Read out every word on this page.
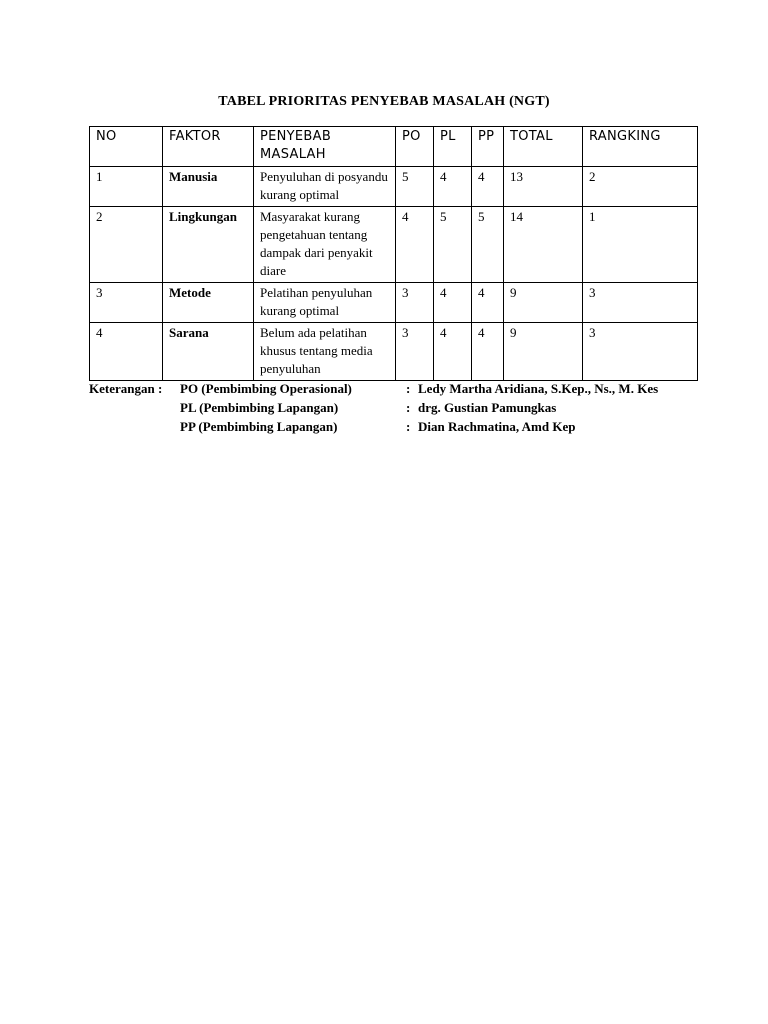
TABEL PRIORITAS PENYEBAB MASALAH (NGT)
NO	FAKTOR	PENYEBAB MASALAH	PO	PL	PP	TOTAL	RANGKING
1	Manusia	Penyuluhan di posyandu kurang optimal	5	4	4	13	2
2	Lingkungan	Masyarakat kurang pengetahuan tentang dampak dari penyakit diare	4	5	5	14	1
3	Metode	Pelatihan penyuluhan kurang optimal	3	4	4	9	3
4	Sarana	Belum ada pelatihan khusus tentang media penyuluhan	3	4	4	9	3
Keterangan : PO (Pembimbing Operasional)	: Ledy Martha Aridiana, S.Kep., Ns., M. Kes
PL (Pembimbing Lapangan)	: drg. Gustian Pamungkas
PP (Pembimbing Lapangan)	: Dian Rachmatina, Amd Kep
